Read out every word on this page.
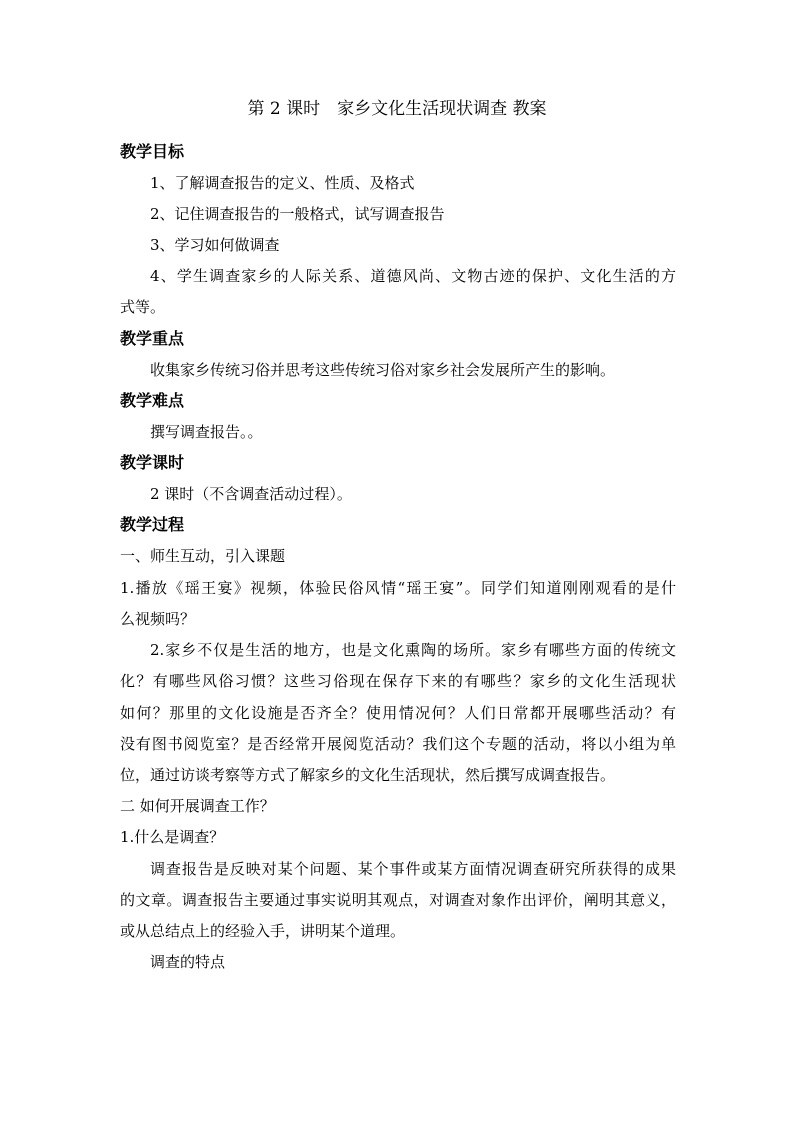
第 2 课时　家乡文化生活现状调查 教案
教学目标
1、了解调查报告的定义、性质、及格式
2、记住调查报告的一般格式，试写调查报告
3、学习如何做调查
4、学生调查家乡的人际关系、道德风尚、文物古迹的保护、文化生活的方
式等。
教学重点
收集家乡传统习俗并思考这些传统习俗对家乡社会发展所产生的影响。
教学难点
撰写调查报告。。
教学课时
2 课时（不含调查活动过程）。
教学过程
一、师生互动，引入课题
1.播放《瑶王宴》视频，体验民俗风情“瑶王宴”。同学们知道刚刚观看的是什
么视频吗？
2.家乡不仅是生活的地方，也是文化熏陶的场所。家乡有哪些方面的传统文
化？有哪些风俗习惯？这些习俗现在保存下来的有哪些？家乡的文化生活现状
如何？那里的文化设施是否齐全？使用情况何？人们日常都开展哪些活动？有
没有图书阅览室？是否经常开展阅览活动？我们这个专题的活动，将以小组为单
位，通过访谈考察等方式了解家乡的文化生活现状，然后撰写成调查报告。
二 如何开展调查工作？
1.什么是调查？
调查报告是反映对某个问题、某个事件或某方面情况调查研究所获得的成果
的文章。调查报告主要通过事实说明其观点，对调查对象作出评价，阐明其意义，
或从总结点上的经验入手，讲明某个道理。
调查的特点
